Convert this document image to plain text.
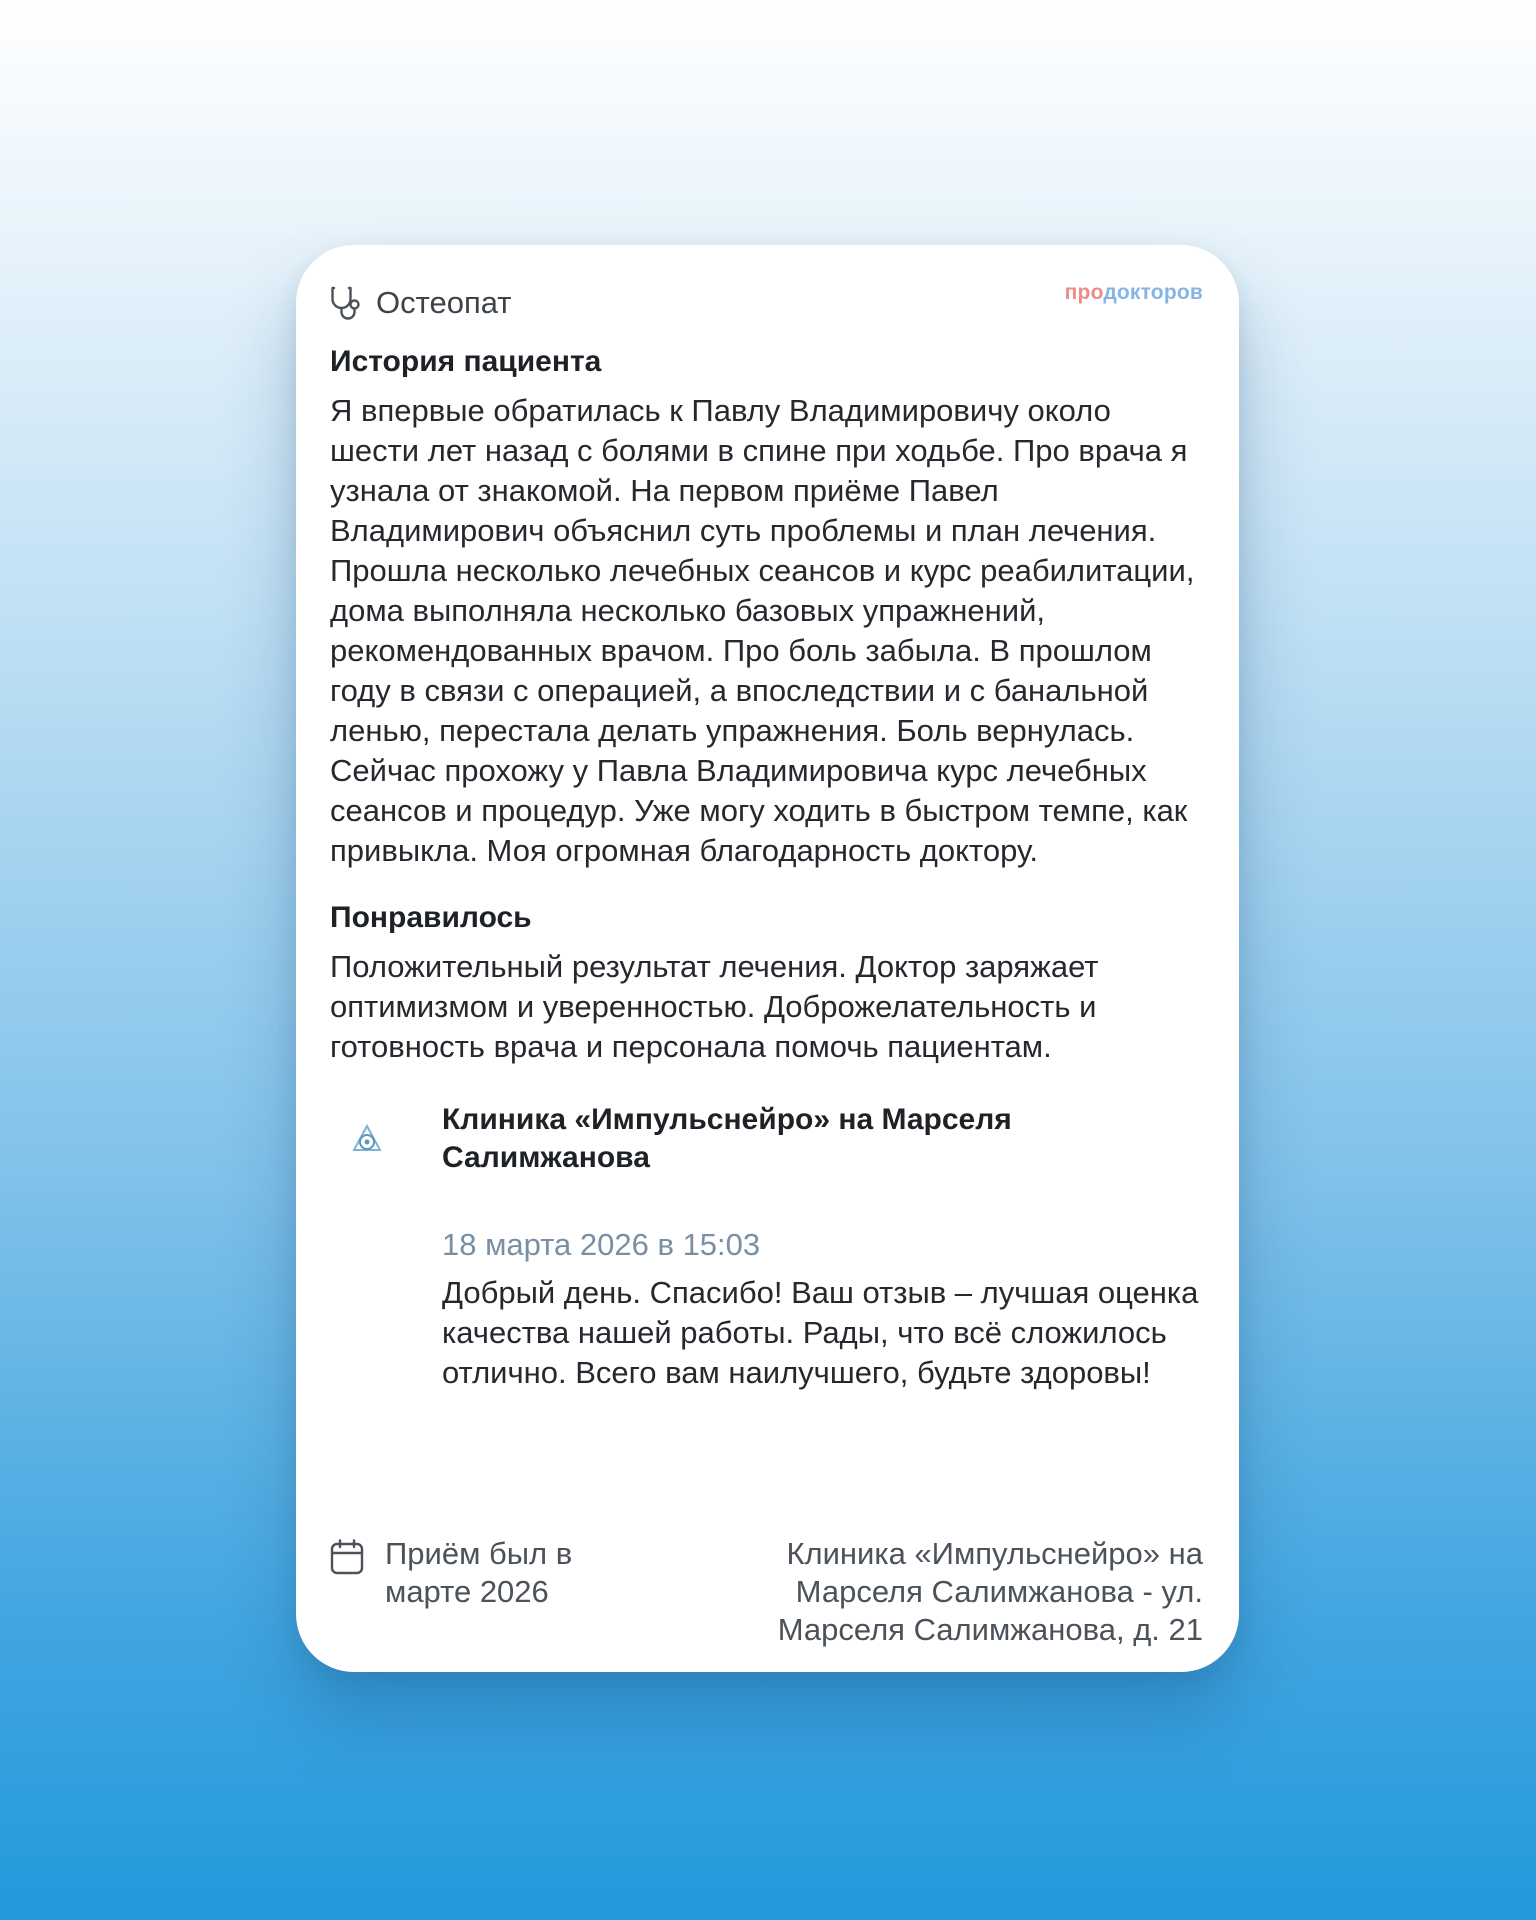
Остеопат	продокторов
История пациента

Я впервые обратилась к Павлу Владимировичу около шести лет назад с болями в спине при ходьбе. Про врача я узнала от знакомой. На первом приёме Павел Владимирович объяснил суть проблемы и план лечения. Прошла несколько лечебных сеансов и курс реабилитации, дома выполняла несколько базовых упражнений, рекомендованных врачом. Про боль забыла. В прошлом году в связи с операцией, а впоследствии и с банальной ленью, перестала делать упражнения. Боль вернулась. Сейчас прохожу у Павла Владимировича курс лечебных сеансов и процедур. Уже могу ходить в быстром темпе, как привыкла. Моя огромная благодарность доктору.

Понравилось

Положительный результат лечения. Доктор заряжает оптимизмом и уверенностью. Доброжелательность и готовность врача и персонала помочь пациентам.

Клиника «Импульснейро» на Марселя Салимжанова

18 марта 2026 в 15:03
Добрый день. Спасибо! Ваш отзыв – лучшая оценка качества нашей работы. Рады, что всё сложилось отлично. Всего вам наилучшего, будьте здоровы!
Приём был в
марте 2026
Клиника «Импульснейро» на Марселя Салимжанова - ул. Марселя Салимжанова, д. 21
